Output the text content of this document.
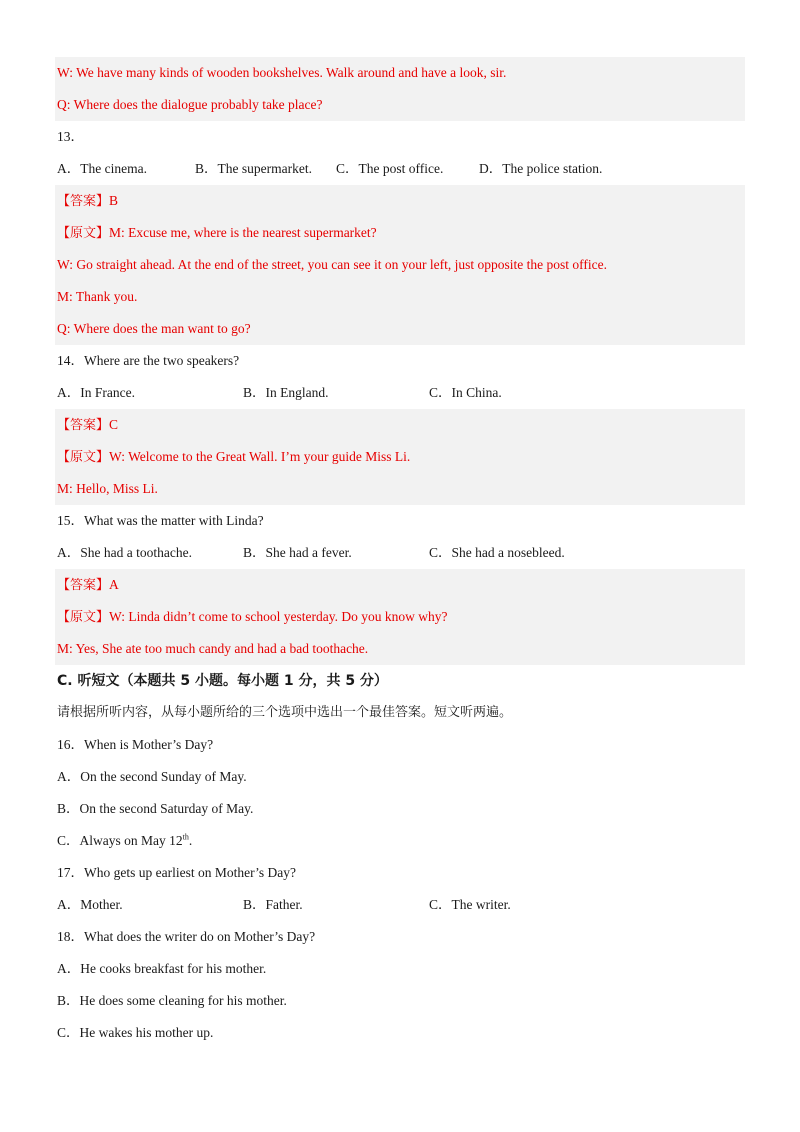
W: We have many kinds of wooden bookshelves. Walk around and have a look, sir.
Q: Where does the dialogue probably take place?
13．
A．The cinema.	B．The supermarket. C．The post office.	D．The police station.
【答案】B
【原文】M: Excuse me, where is the nearest supermarket?
W: Go straight ahead. At the end of the street, you can see it on your left, just opposite the post office.
M: Thank you.
Q: Where does the man want to go?
14．Where are the two speakers?
A．In France.	B．In England.	C．In China.
【答案】C
【原文】W: Welcome to the Great Wall. I’m your guide Miss Li.
M: Hello, Miss Li.
15．What was the matter with Linda?
A．She had a toothache.	B．She had a fever.	C．She had a nosebleed.
【答案】A
【原文】W: Linda didn’t come to school yesterday. Do you know why?
M: Yes, She ate too much candy and had a bad toothache.
C. 听短文（本题共 5 小题。每小题 1 分，共 5 分）
请根据所听内容，从每小题所给的三个选项中选出一个最佳答案。短文听两遍。
16．When is Mother’s Day?
A．On the second Sunday of May.
B．On the second Saturday of May.
C．Always on May 12th.
17．Who gets up earliest on Mother’s Day?
A．Mother.	B．Father.	C．The writer.
18．What does the writer do on Mother’s Day?
A．He cooks breakfast for his mother.
B．He does some cleaning for his mother.
C．He wakes his mother up.
